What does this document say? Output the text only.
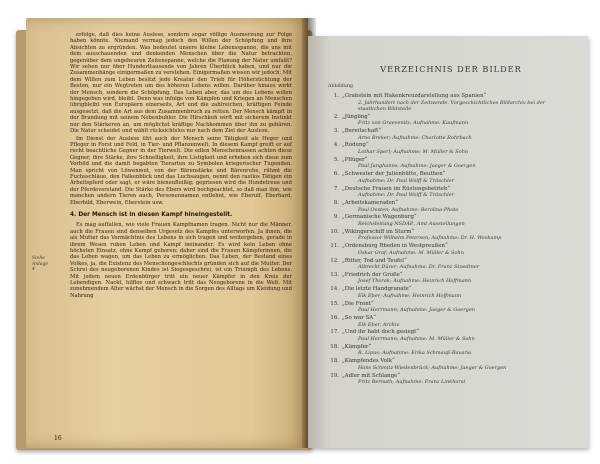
erfolge, daß dies keine Auslese, sondern sogar völlige Ausmerzung zur Folge haben könnte. Niemand vermag jedoch den Willen der Schöpfung und ihre Absichten zu ergründen. Was bedeutet unsere kleine Lebensspanne, die uns mit dem ausschauenden und denkenden Menschen über die Natur betrachten, gegenüber dem ungeheuren Zeitenspanne, welche die Planung der Natur umfaßt? Wir sehen nur über Hunderttausende von Jahren Überblick haben, und nur die Zusammenhänge einigermaßen zu verstehen. Einigermaßen wissen wir jedoch: Mit dem Willen zum Leben besitzt jede Kreatur den Trieb für Höherzüchtung der Besten, nur ein Wegtreten um des höheren Lebens willen. Darüber hinaus wirkt der Mensch, sondern die Schöpfung. Das Leben aber, das um des Lebens willen hingegeben wird, bleibt. Denn was infolge von Kämpfen und Kriegen an Menschen übrigbleibt von Europäern einerseits, Art und die zahlreichen, kräftigen Feinde ausgesetzt, daß die Art aus dem Zusammenbruch zu retten. Der Mensch kämpft in der Brandung mit seinem Nebenbuhler. Die Hirschkuh wirft mit sicherem Instinkt nur den Stärkeren an, um möglichst kräftige Nachkommen über ihn zu gebären. Die Natur scheidet und wählt rücksichtslos nur nach dem Ziel der Auslese.

Im Dienst der Auslese übt auch der Mensch seine Tätigkeit als Heger und Pfleger in Forst und Feld, in Tier- und Pflanzenwelt. In diesem Kampf greift er auf recht beachtliche Gegner in der Tierwelt. Die edlen Menschenrassen achten diese Gegner, ihre Stärke, ihre Schnelligkeit, ihre Listigkeit und erheben sich diese zum Vorbild und die damit begabten Tierarten zu Symbolen kriegerischer Tugenden. Man spricht von Löwenmut, von der Bärenstärke und Bärenruhe, rühmt die Fuchsschläue, den Falkenblick und das Luchsaugen, nennt den rastlos Tätigen ein Arbeitspferd oder sagt, er wäre bienenfleißig; gepriesen wird die Hundetreue und der Pferdeverstand. Die Stärke des Ebers wird hochgeachtet, so daß man ihm, wie manchen andern Tieren auch, Personennamen entlehnt, wie Eberulf, Eberhard, Eberbild, Eberwein, Eberstein usw.

4. Der Mensch ist in diesen Kampf hineingestellt.

Es mag auffallen, wie viele Frauen Kampfnamen tragen. Nicht nur die Männer, auch die Frauen sind denselben Urgesetz des Kampfes unterworfen. Ja ihnen, die als Mutter das Vermächtnis des Lebens in sich tragen und weitergeben, gerade in ihrem Wesen ruhen Leben und Kampf ineinander. Es wird kein Leben ohne höchsten Einsatz, ohne Kampf geboren; daher sind die Frauen Kämpferinnen, die das Leben wagen, um das Leben zu ermöglichen. Das Leben, der Bestand eines Volkes, ja, die Existenz des Menschengeschlechts gründen sich auf die Mutter. Der Schrei des neugeborenen Kindes ist Siegesgeschrei, ist ein Triumph des Lebens. Mit jedem neuen Erdenbürger tritt ein neuer Kämpfer in den Kreis der Lebendigen. Nackt, hilflos und schwach tritt das Neugeborene in die Welt. Mit zunehmendem Alter wächst der Mensch in die Sorgen des Alltags um Kleidung und Nahrung

Siehe Anlage 4
16
VERZEICHNIS DER BILDER
Abbildung
1. „Grabstein mit Hakenkreuzdarstellung aus Spanien“
2. Jahrhundert nach der Zeitwende. Vorgeschichtliches Bildarchiv bei der staatlichen Bildstelle
2. „Jüngling“
Fritz von Graevenitz; Aufnahme: Kaufmann
3. „Bereitschaft“
Arno Breker; Aufnahme: Charlotte Rohrbach
4. „Rodung“
Lothar Sperl; Aufnahme: M. Müller & Sohn
5. „Pflüger“
Paul Junghanns; Aufnahme: Jaeger & Goergen
6. „Schwester der Julienhütte, Beuthen“
Aufnahme: Dr. Paul Wolff & Tritschler
7. „Deutsche Frauen im Rüstungsbetrieb“
Aufnahme: Dr. Paul Wolff & Tritschler
8. „Arbeitskameraden“
Paul Oesten; Aufnahme: Berolina-Photo
9. „Germanische Wagenburg“
Reichsleitung NSDAP., Amt Ausstellungen
10. „Wikingerschiff im Sturm“
Professor Wilhelm Petersen; Aufnahme: Dr. H. Weskamp
11. „Ordensburg Rheden in Westpreußen“
Oskar Graf; Aufnahme: M. Müller & Sohn
12. „Ritter, Tod und Teufel“
Albrecht Dürer; Aufnahme: Dr. Franz Stoedtner
13. „Friedrich der Große“
Josef Thorak; Aufnahme: Heinrich Hoffmann
14. „Die letzte Handgranate“
Elk Eber; Aufnahme: Heinrich Hoffmann
15. „Die Front“
Paul Herrmann; Aufnahme: Jaeger & Goergen
16. „So war SA“
Elk Eber, Archiv
17. „Und ihr habt doch gesiegt“
Paul Herrmann; Aufnahme: M. Müller & Sohn
18. „Kämpfer“
R. Lipus; Aufnahme: Erika Schmauß-Bavaria
18. „Kämpfendes Volk“
Hans Schmitz-Wiedenbrück; Aufnahme: Jaeger & Goergen
19. „Adler mit Schlange“
Fritz Bernuth; Aufnahme: Franz Linkhorst
